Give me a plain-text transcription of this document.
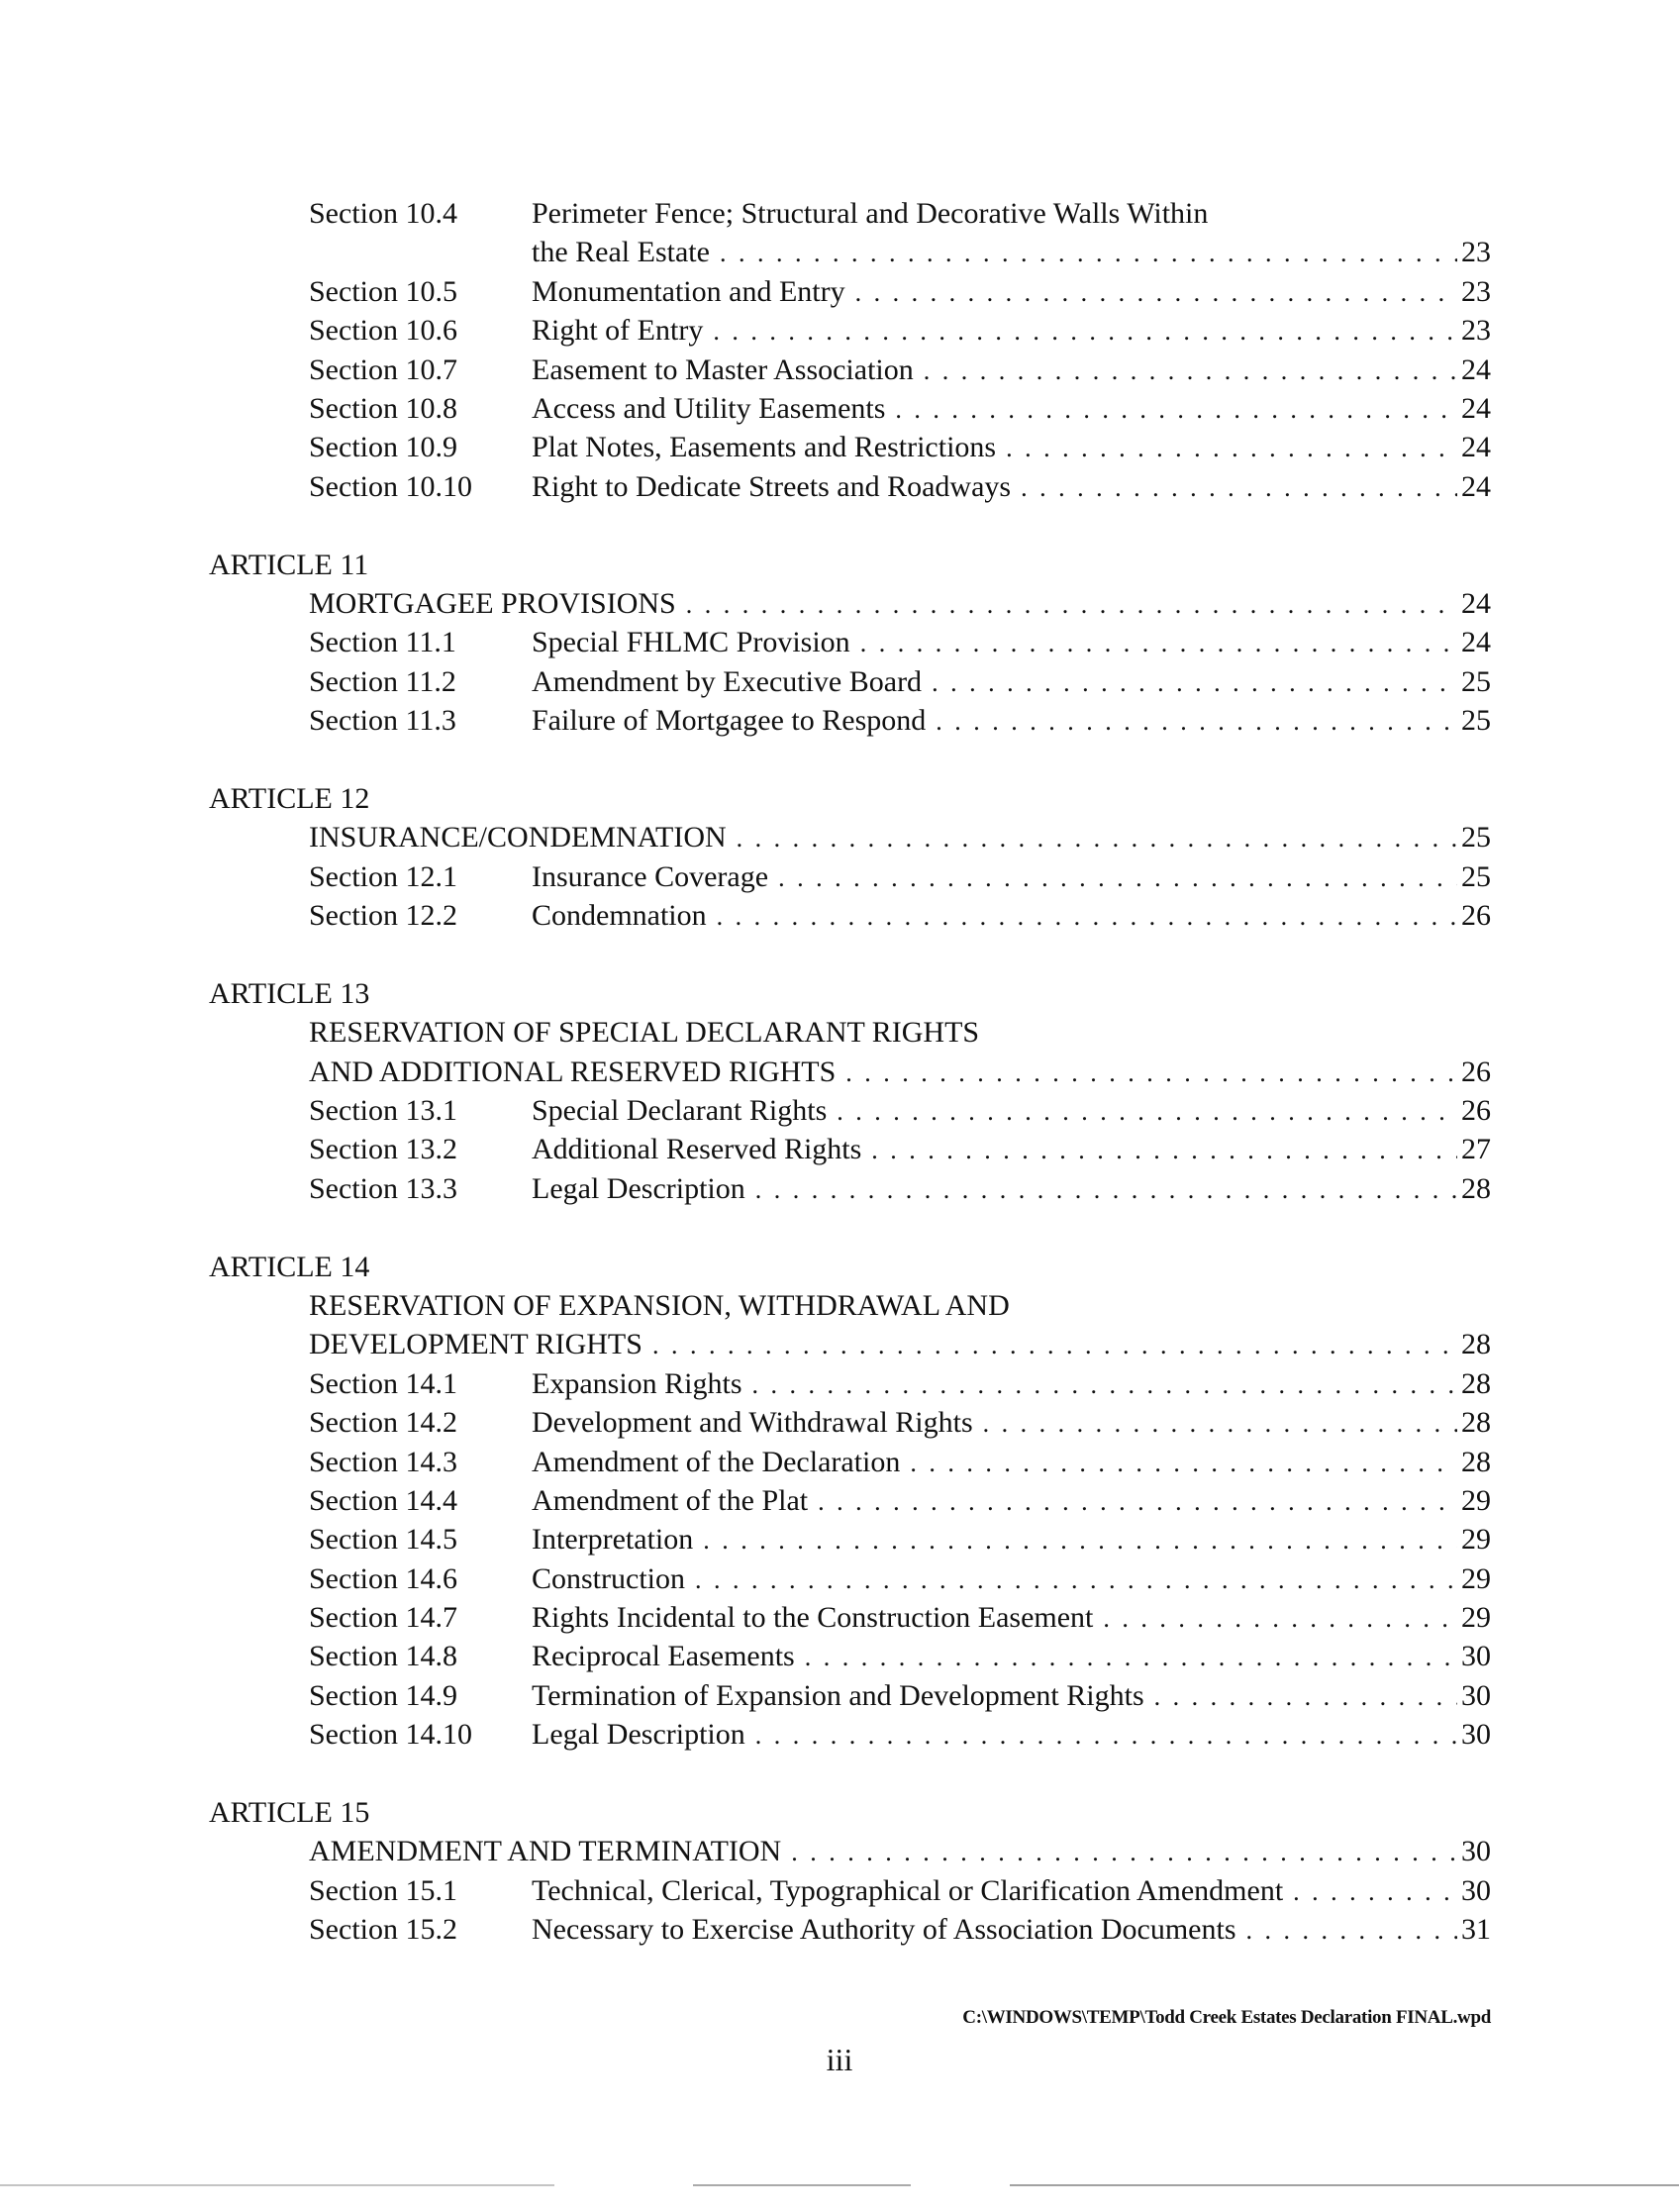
Section 10.4	Perimeter Fence; Structural and Decorative Walls Within
the Real Estate . . .	23
Section 10.5	Monumentation and Entry . . .	23
Section 10.6	Right of Entry . . .	23
Section 10.7	Easement to Master Association . . .	24
Section 10.8	Access and Utility Easements . . .	24
Section 10.9	Plat Notes, Easements and Restrictions . . .	24
Section 10.10 Right to Dedicate Streets and Roadways . . .	24
ARTICLE 11
MORTGAGEE PROVISIONS . . .	24
Section 11.1	Special FHLMC Provision . . .	24
Section 11.2	Amendment by Executive Board . . .	25
Section 11.3	Failure of Mortgagee to Respond . . .	25
ARTICLE 12
INSURANCE/CONDEMNATION . . .	25
Section 12.1	Insurance Coverage . . .	25
Section 12.2	Condemnation . . .	26
ARTICLE 13
RESERVATION OF SPECIAL DECLARANT RIGHTS
AND ADDITIONAL RESERVED RIGHTS . . .	26
Section 13.1	Special Declarant Rights . . .	26
Section 13.2	Additional Reserved Rights . . .	27
Section 13.3	Legal Description . . .	28
ARTICLE 14
RESERVATION OF EXPANSION, WITHDRAWAL AND
DEVELOPMENT RIGHTS . . .	28
Section 14.1	Expansion Rights . . .	28
Section 14.2	Development and Withdrawal Rights . . .	28
Section 14.3	Amendment of the Declaration . . .	28
Section 14.4	Amendment of the Plat . . .	29
Section 14.5	Interpretation . . .	29
Section 14.6	Construction . . .	29
Section 14.7	Rights Incidental to the Construction Easement . . .	29
Section 14.8	Reciprocal Easements . . .	30
Section 14.9	Termination of Expansion and Development Rights . . .	30
Section 14.10 Legal Description . . .	30
ARTICLE 15
AMENDMENT AND TERMINATION . . .	30
Section 15.1	Technical, Clerical, Typographical or Clarification Amendment . . .	30
Section 15.2	Necessary to Exercise Authority of Association Documents . . .	31
C:\WINDOWS\TEMP\Todd Creek Estates Declaration FINAL.wpd
iii
